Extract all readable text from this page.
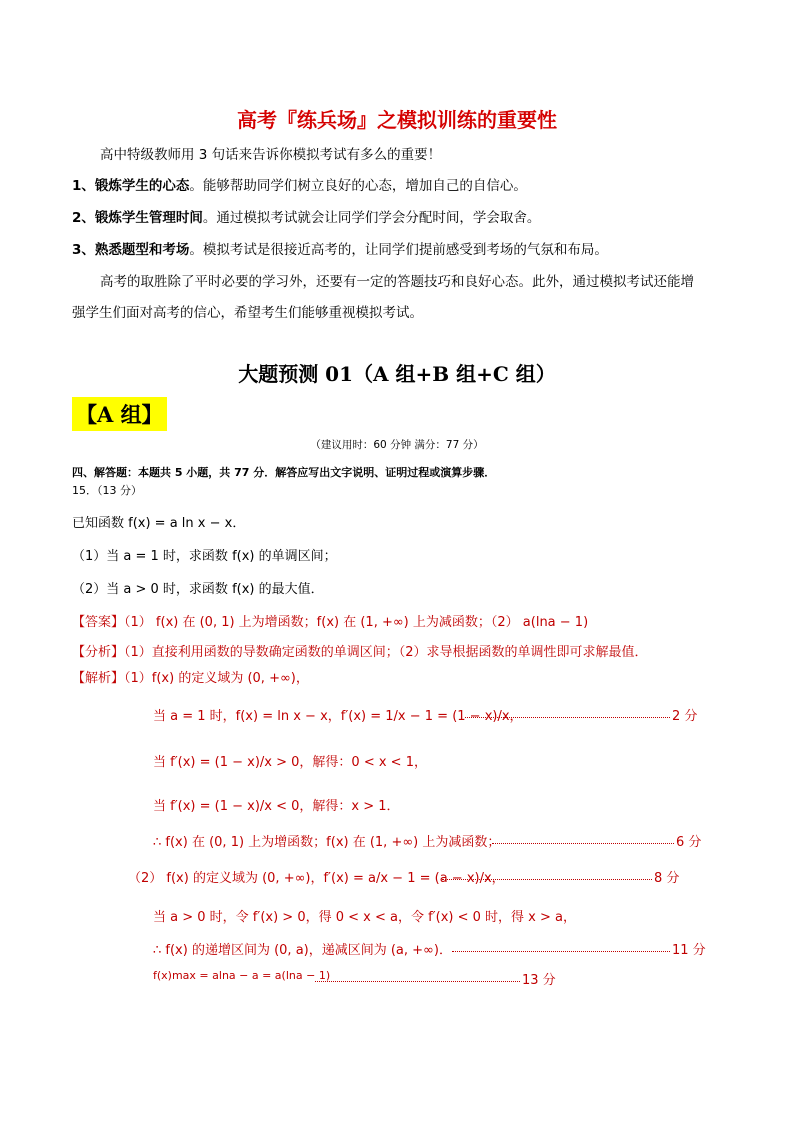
高考『练兵场』之模拟训练的重要性
高中特级教师用 3 句话来告诉你模拟考试有多么的重要！
1、锻炼学生的心态。能够帮助同学们树立良好的心态，增加自己的自信心。
2、锻炼学生管理时间。通过模拟考试就会让同学们学会分配时间，学会取舍。
3、熟悉题型和考场。模拟考试是很接近高考的，让同学们提前感受到考场的气氛和布局。
高考的取胜除了平时必要的学习外，还要有一定的答题技巧和良好心态。此外，通过模拟考试还能增
强学生们面对高考的信心，希望考生们能够重视模拟考试。
大题预测 01（A 组+B 组+C 组）
【A 组】
（建议用时：60 分钟 满分：77 分）
四、解答题：本题共 5 小题，共 77 分．解答应写出文字说明、证明过程或演算步骤．
15．（13 分）
已知函数 f(x) = a ln x − x．
（1）当 a = 1 时，求函数 f(x) 的单调区间；
（2）当 a > 0 时，求函数 f(x) 的最大值．
【答案】（1） f(x) 在 (0, 1) 上为增函数；f(x) 在 (1, +∞) 上为减函数；（2） a(lna − 1)
【分析】（1）直接利用函数的导数确定函数的单调区间；（2）求导根据函数的单调性即可求解最值．
【解析】（1）f(x) 的定义域为 (0, +∞)，
当 a = 1 时，f(x) = ln x − x，f′(x) = 1/x − 1 = (1 − x)/x，	2 分
当 f′(x) = (1 − x)/x > 0，解得：0 < x < 1，
当 f′(x) = (1 − x)/x < 0，解得：x > 1．
∴ f(x) 在 (0, 1) 上为增函数；f(x) 在 (1, +∞) 上为减函数；	6 分
（2） f(x) 的定义域为 (0, +∞)，f′(x) = a/x − 1 = (a − x)/x，	8 分
当 a > 0 时，令 f′(x) > 0，得 0 < x < a，令 f′(x) < 0 时，得 x > a，
∴ f(x) 的递增区间为 (0, a)，递减区间为 (a, +∞)．	11 分
f(x)max = alna − a = a(lna − 1)	13 分
